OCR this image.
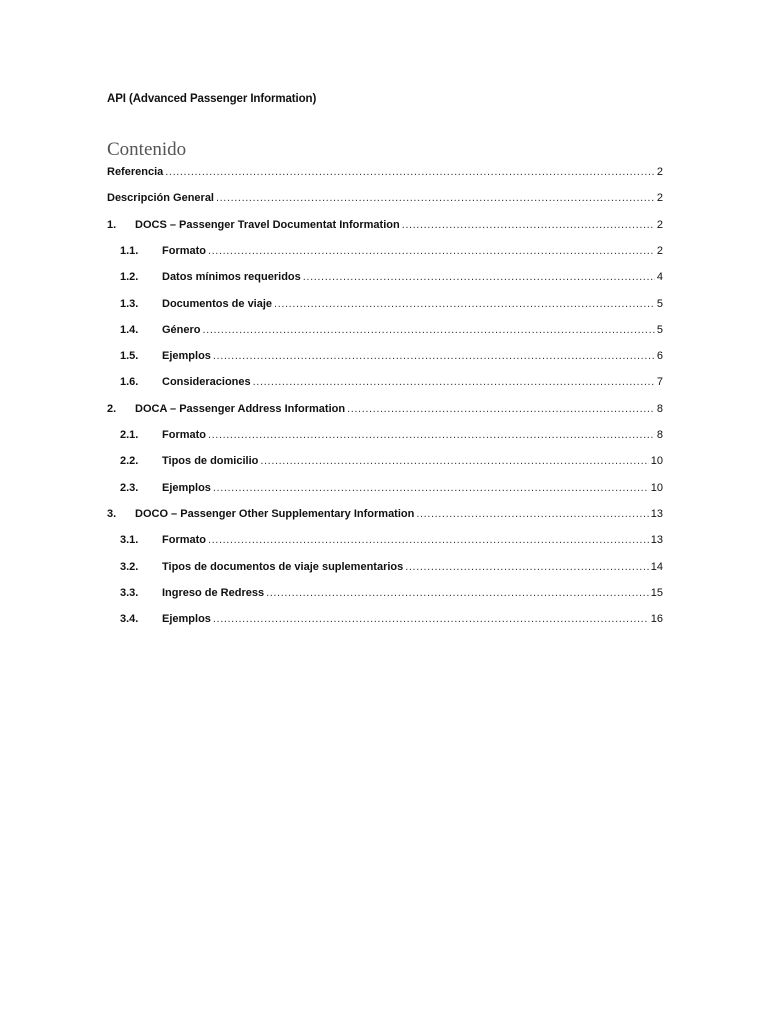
API (Advanced Passenger Information)
Contenido
Referencia .....	2
Descripción General .....	2
1.	DOCS – Passenger Travel Documentat Information .....	2
1.1.	Formato .....	2
1.2.	Datos mínimos requeridos .....	4
1.3.	Documentos de viaje .....	5
1.4.	Género .....	5
1.5.	Ejemplos .....	6
1.6.	Consideraciones .....	7
2.	DOCA – Passenger Address Information .....	8
2.1.	Formato .....	8
2.2.	Tipos de domicilio .....	10
2.3.	Ejemplos .....	10
3.	DOCO – Passenger Other Supplementary Information .....	13
3.1.	Formato .....	13
3.2.	Tipos de documentos de viaje suplementarios .....	14
3.3.	Ingreso de Redress .....	15
3.4.	Ejemplos .....	16
